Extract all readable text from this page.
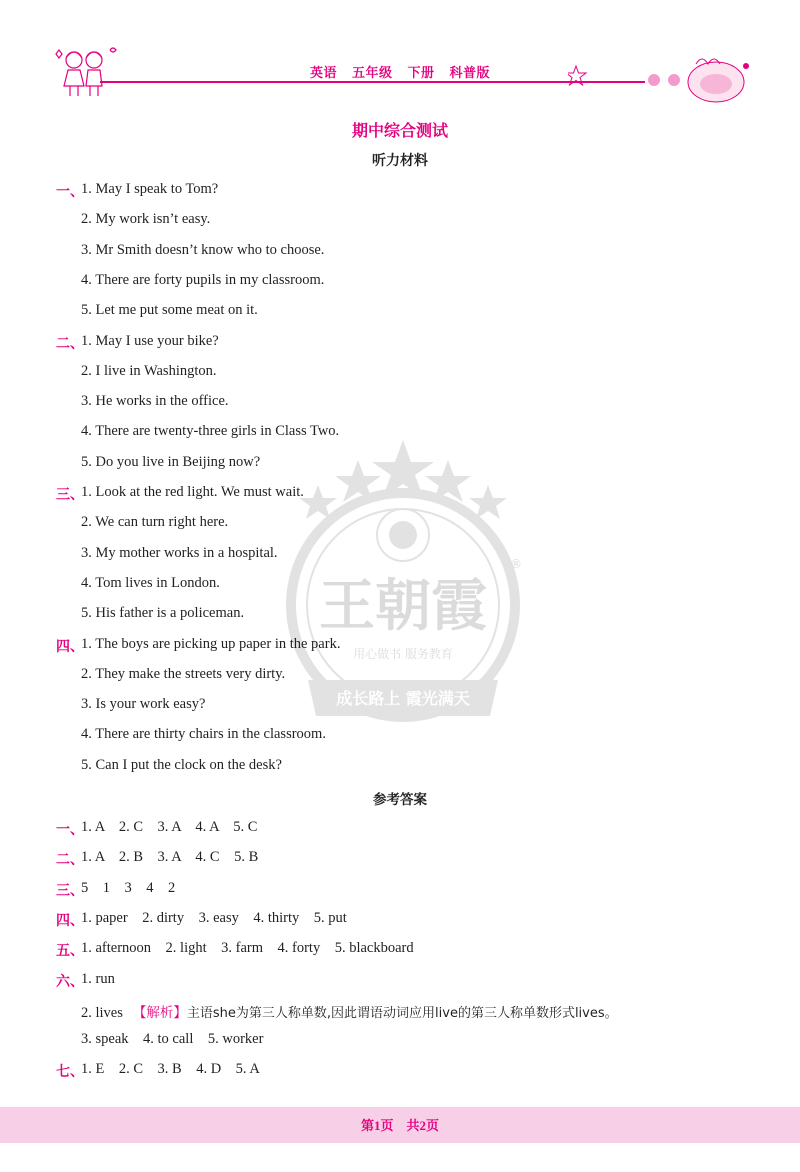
英语    五年级    下册    科普版
王朝霞
®
用心做书 服务教育
成长路上 霞光满天
期中综合测试
听力材料
一、
1. May I speak to Tom?
2. My work isn’t easy.
3. Mr Smith doesn’t know who to choose.
4. There are forty pupils in my classroom.
5. Let me put some meat on it.
二、
1. May I use your bike?
2. I live in Washington.
3. He works in the office.
4. There are twenty-three girls in Class Two.
5. Do you live in Beijing now?
三、
1. Look at the red light. We must wait.
2. We can turn right here.
3. My mother works in a hospital.
4. Tom lives in London.
5. His father is a policeman.
四、
1. The boys are picking up paper in the park.
2. They make the streets very dirty.
3. Is your work easy?
4. There are thirty chairs in the classroom.
5. Can I put the clock on the desk?
参考答案
一、
1. A    2. C    3. A    4. A    5. C
二、
1. A    2. B    3. A    4. C    5. B
三、
5    1    3    4    2
四、
1. paper    2. dirty    3. easy    4. thirty    5. put
五、
1. afternoon    2. light    3. farm    4. forty    5. blackboard
六、
1. run
2. lives 【解析】主语she为第三人称单数,因此谓语动词应用live的第三人称单数形式lives。
3. speak    4. to call    5. worker
七、
1. E    2. C    3. B    4. D    5. A
第1页    共2页
